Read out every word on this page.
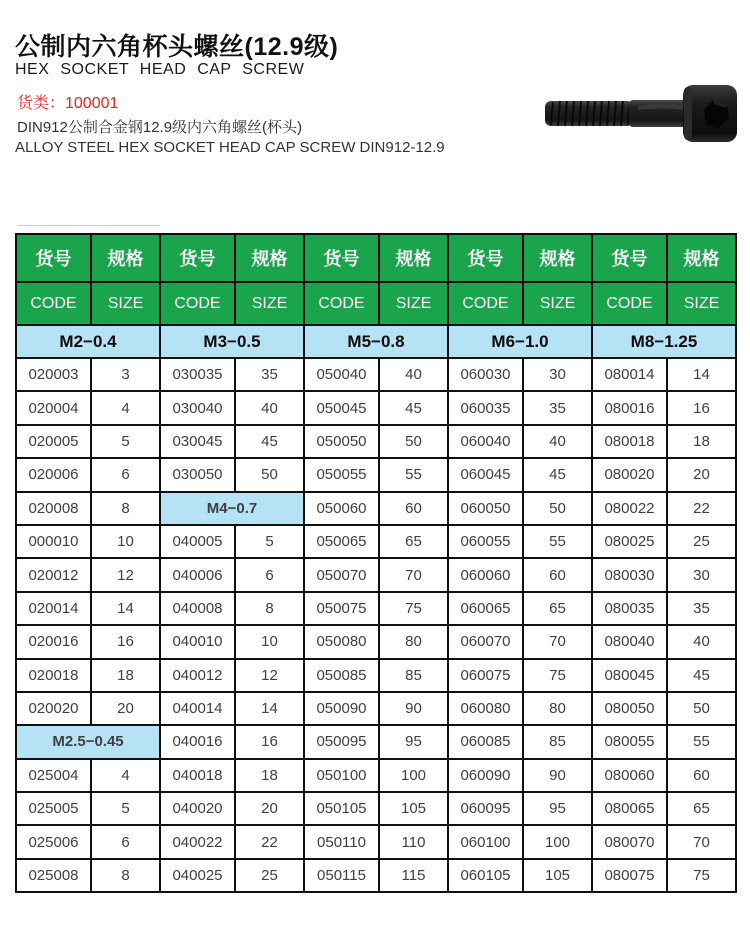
公制内六角杯头螺丝(12.9级)
HEX SOCKET HEAD CAP SCREW
货类：100001
DIN912公制合金钢12.9级内六角螺丝(杯头)
ALLOY STEEL HEX SOCKET HEAD CAP SCREW DIN912-12.9
货号	规格	货号	规格	货号	规格	货号	规格	货号	规格
CODE	SIZE	CODE	SIZE	CODE	SIZE	CODE	SIZE	CODE	SIZE
M2−0.4		M3−0.5		M5−0.8		M6−1.0		M8−1.25	
020003	3	030035	35	050040	40	060030	30	080014	14
020004	4	030040	40	050045	45	060035	35	080016	16
020005	5	030045	45	050050	50	060040	40	080018	18
020006	6	030050	50	050055	55	060045	45	080020	20
020008	8	M4−0.7		050060	60	060050	50	080022	22
000010	10	040005	5	050065	65	060055	55	080025	25
020012	12	040006	6	050070	70	060060	60	080030	30
020014	14	040008	8	050075	75	060065	65	080035	35
020016	16	040010	10	050080	80	060070	70	080040	40
020018	18	040012	12	050085	85	060075	75	080045	45
020020	20	040014	14	050090	90	060080	80	080050	50
M2.5−0.45		040016	16	050095	95	060085	85	080055	55
025004	4	040018	18	050100	100	060090	90	080060	60
025005	5	040020	20	050105	105	060095	95	080065	65
025006	6	040022	22	050110	110	060100	100	080070	70
025008	8	040025	25	050115	115	060105	105	080075	75
